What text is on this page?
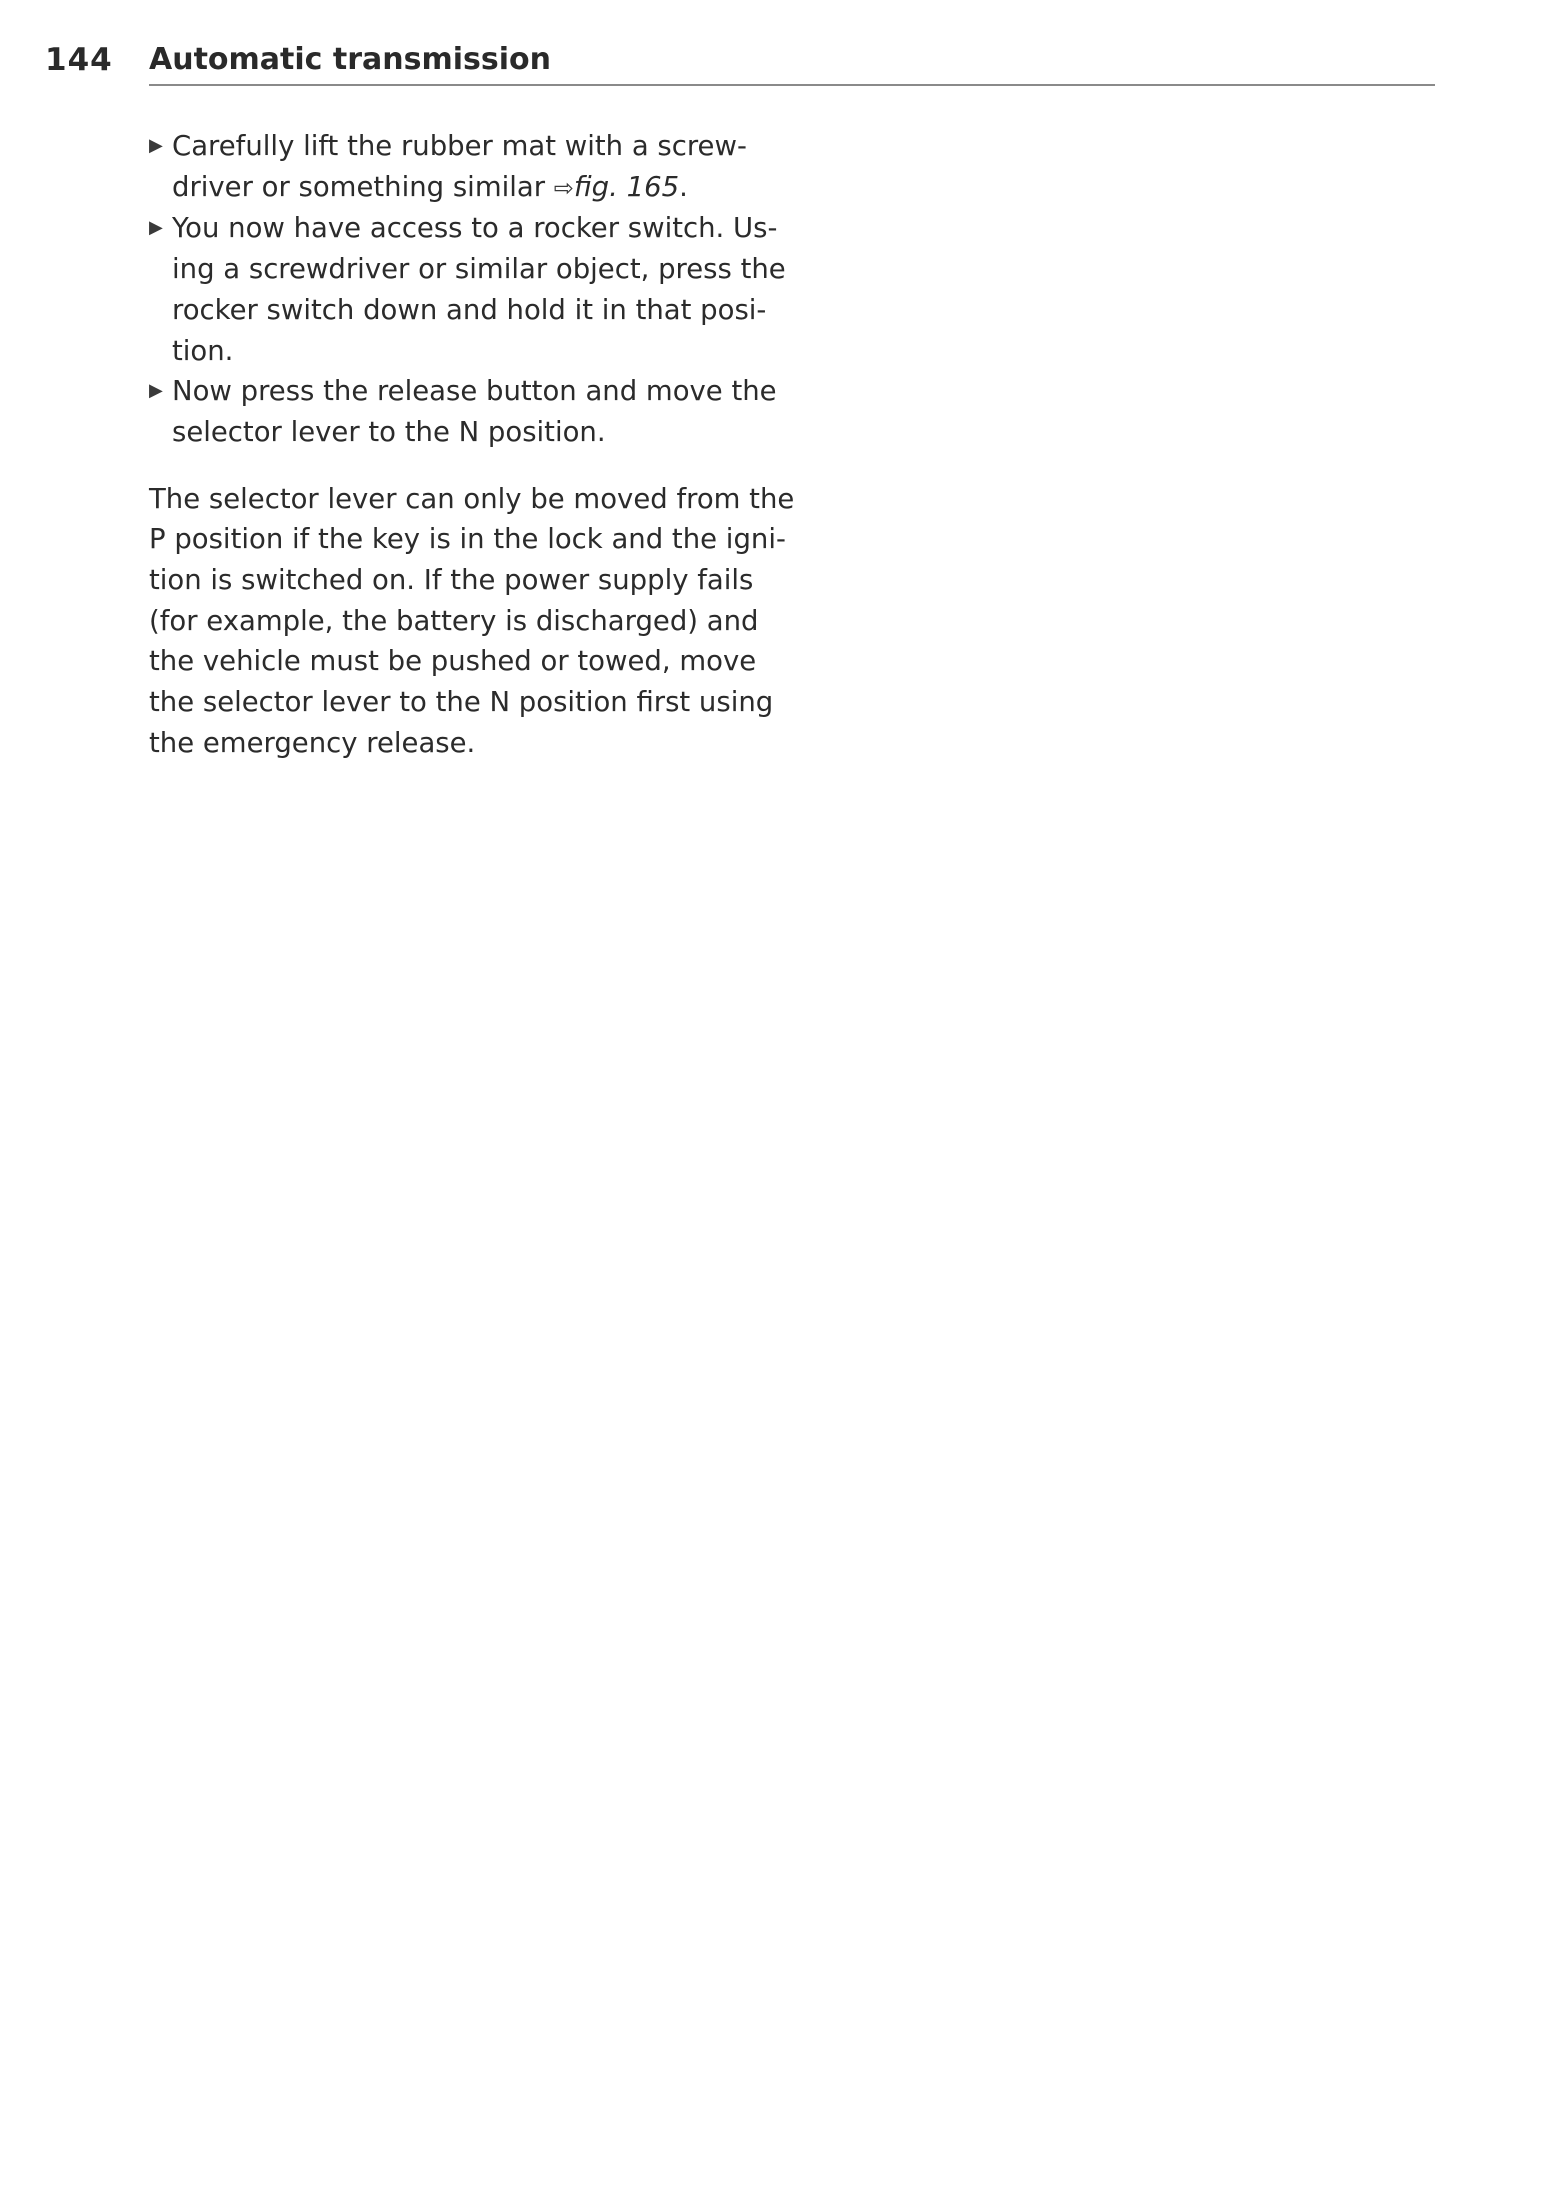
144 Automatic transmission
▶ Carefully lift the rubber mat with a screw-
driver or something similar ⇨fig. 165.
▶ You now have access to a rocker switch. Us-
ing a screwdriver or similar object, press the
rocker switch down and hold it in that posi-
tion.
▶ Now press the release button and move the
selector lever to the N position.

The selector lever can only be moved from the
P position if the key is in the lock and the igni-
tion is switched on. If the power supply fails
(for example, the battery is discharged) and
the vehicle must be pushed or towed, move
the selector lever to the N position first using
the emergency release.
